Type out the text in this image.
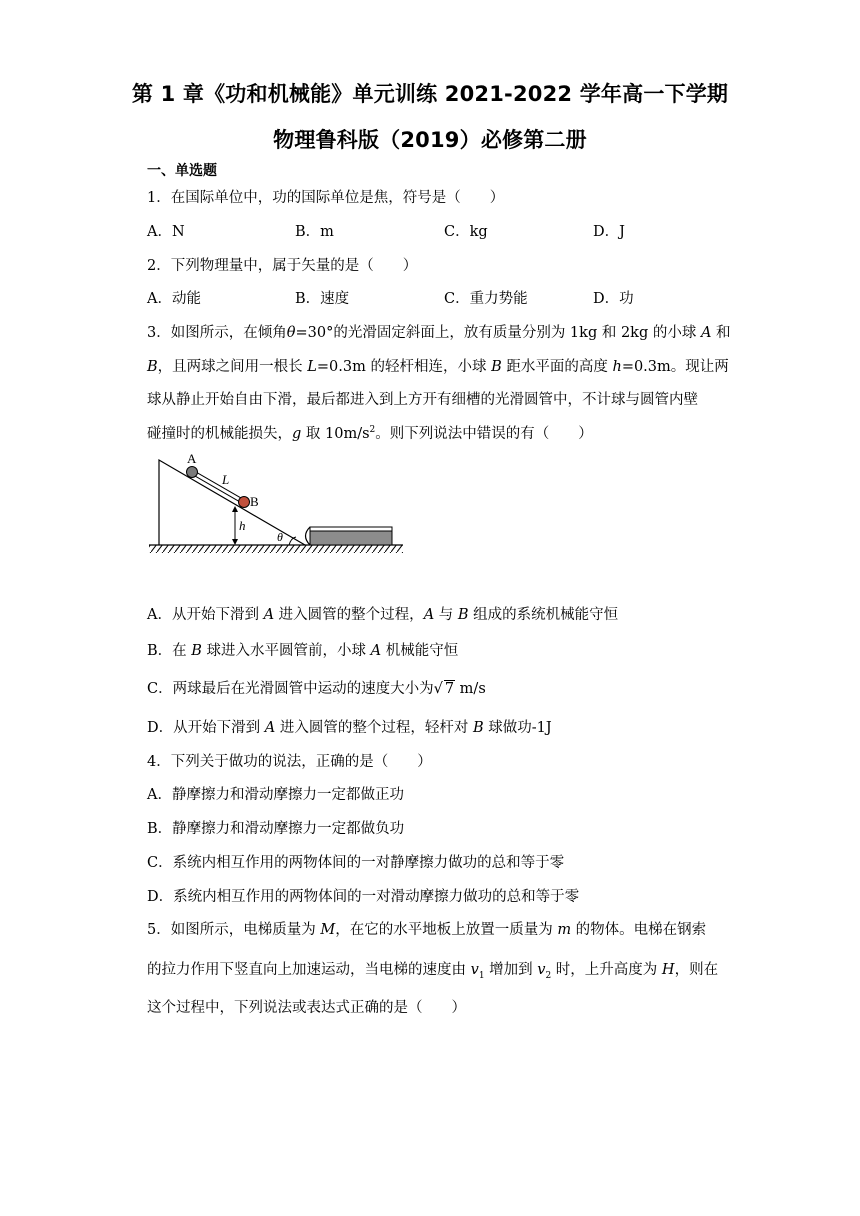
第 1 章《功和机械能》单元训练 2021-2022 学年高一下学期
物理鲁科版（2019）必修第二册
一、单选题
1．在国际单位中，功的国际单位是焦，符号是（　　）
A．N	B．m	C．kg	D．J
2．下列物理量中，属于矢量的是（　　）
A．动能	B．速度	C．重力势能	D．功
3．如图所示，在倾角θ=30°的光滑固定斜面上，放有质量分别为 1kg 和 2kg 的小球 A 和
B，且两球之间用一根长 L=0.3m 的轻杆相连，小球 B 距水平面的高度 h=0.3m。现让两
球从静止开始自由下滑，最后都进入到上方开有细槽的光滑圆管中，不计球与圆管内壁
碰撞时的机械能损失，g 取 $10m/s^2$。则下列说法中错误的有（　　）
A
B
L
h
θ
A．从开始下滑到 A 进入圆管的整个过程，A 与 B 组成的系统机械能守恒
B．在 B 球进入水平圆管前，小球 A 机械能守恒
C．两球最后在光滑圆管中运动的速度大小为√ 7 m/s
D．从开始下滑到 A 进入圆管的整个过程，轻杆对 B 球做功-1J
4．下列关于做功的说法，正确的是（　　）
A．静摩擦力和滑动摩擦力一定都做正功
B．静摩擦力和滑动摩擦力一定都做负功
C．系统内相互作用的两物体间的一对静摩擦力做功的总和等于零
D．系统内相互作用的两物体间的一对滑动摩擦力做功的总和等于零
5．如图所示，电梯质量为 M，在它的水平地板上放置一质量为 m 的物体。电梯在钢索
的拉力作用下竖直向上加速运动，当电梯的速度由 $v_1$ 增加到 $v_2$ 时，上升高度为 H，则在
这个过程中，下列说法或表达式正确的是（　　）
